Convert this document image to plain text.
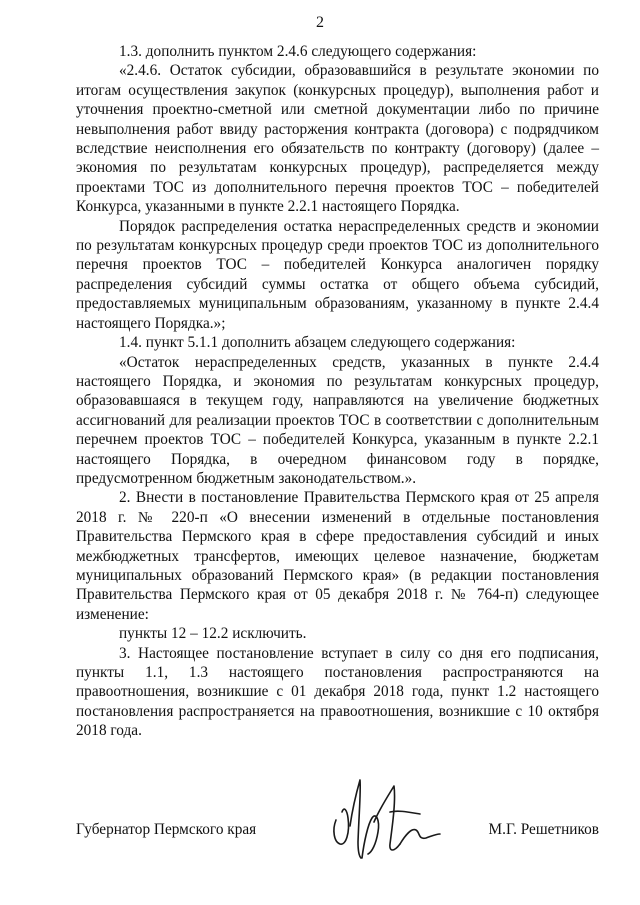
2

1.3. дополнить пунктом 2.4.6 следующего содержания:

«2.4.6. Остаток субсидии, образовавшийся в результате экономии по итогам осуществления закупок (конкурсных процедур), выполнения работ и уточнения проектно-сметной или сметной документации либо по причине невыполнения работ ввиду расторжения контракта (договора) с подрядчиком вследствие неисполнения его обязательств по контракту (договору) (далее – экономия по результатам конкурсных процедур), распределяется между проектами ТОС из дополнительного перечня проектов ТОС – победителей Конкурса, указанными в пункте 2.2.1 настоящего Порядка.

Порядок распределения остатка нераспределенных средств и экономии по результатам конкурсных процедур среди проектов ТОС из дополнительного перечня проектов ТОС – победителей Конкурса аналогичен порядку распределения субсидий суммы остатка от общего объема субсидий, предоставляемых муниципальным образованиям, указанному в пункте 2.4.4 настоящего Порядка.»;

1.4. пункт 5.1.1 дополнить абзацем следующего содержания:

«Остаток нераспределенных средств, указанных в пункте 2.4.4 настоящего Порядка, и экономия по результатам конкурсных процедур, образовавшаяся в текущем году, направляются на увеличение бюджетных ассигнований для реализации проектов ТОС в соответствии с дополнительным перечнем проектов ТОС – победителей Конкурса, указанным в пункте 2.2.1 настоящего Порядка, в очередном финансовом году в порядке, предусмотренном бюджетным законодательством.».

2. Внести в постановление Правительства Пермского края от 25 апреля 2018 г. № 220-п «О внесении изменений в отдельные постановления Правительства Пермского края в сфере предоставления субсидий и иных межбюджетных трансфертов, имеющих целевое назначение, бюджетам муниципальных образований Пермского края» (в редакции постановления Правительства Пермского края от 05 декабря 2018 г. № 764-п) следующее изменение:

пункты 12 – 12.2 исключить.

3. Настоящее постановление вступает в силу со дня его подписания, пункты 1.1, 1.3 настоящего постановления распространяются на правоотношения, возникшие с 01 декабря 2018 года, пункт 1.2 настоящего постановления распространяется на правоотношения, возникшие с 10 октября 2018 года.

Губернатор Пермского края	М.Г. Решетников
